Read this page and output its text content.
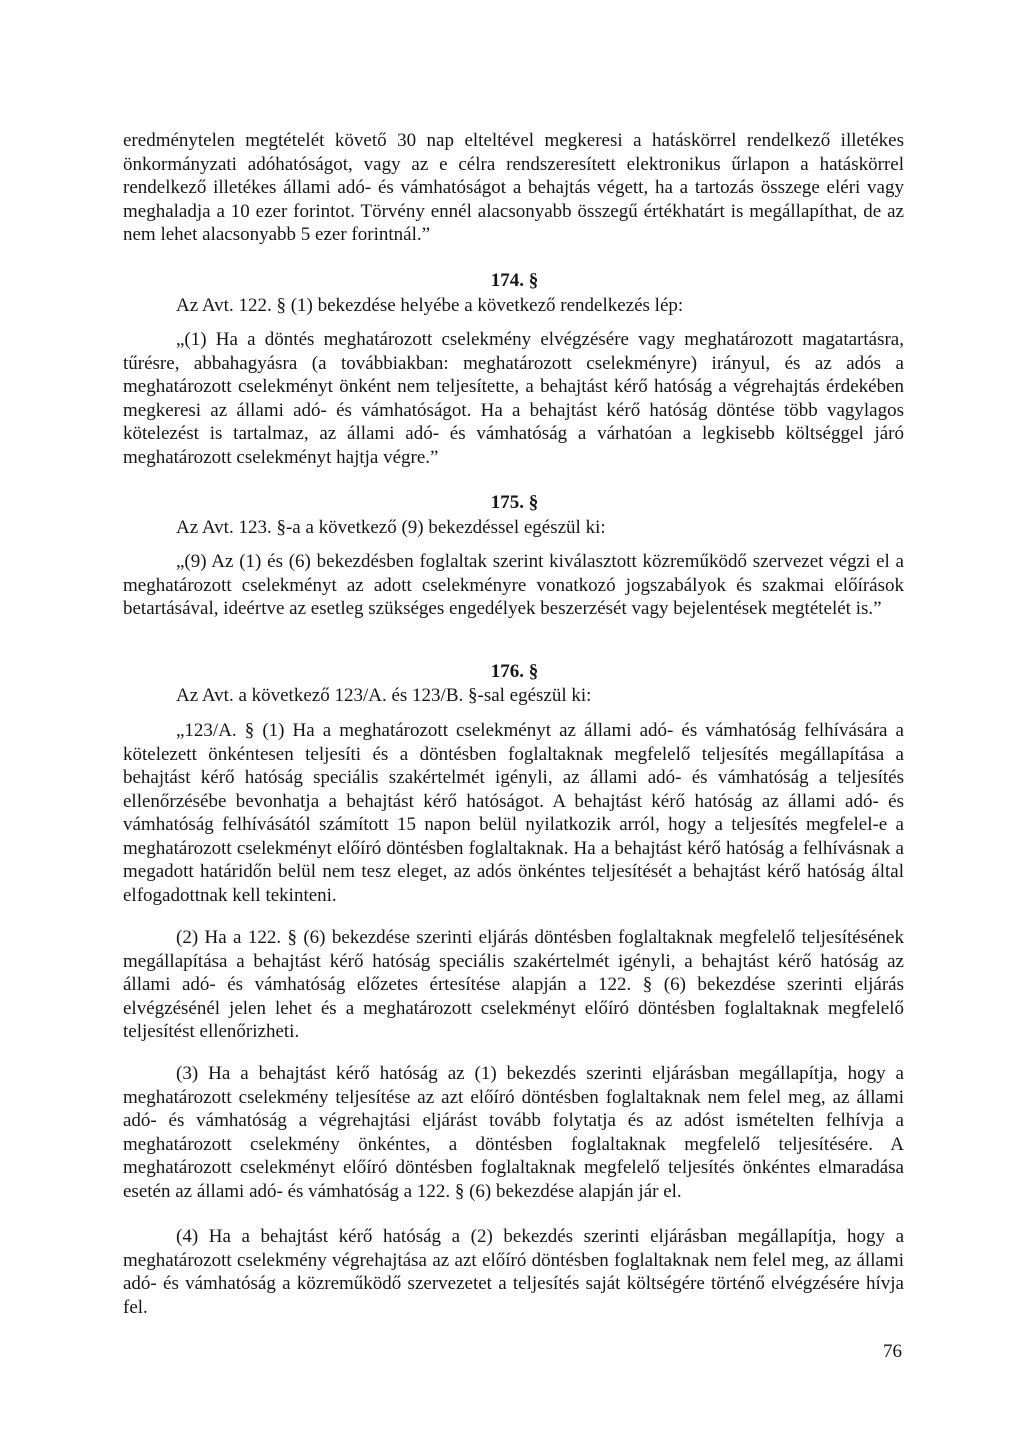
eredménytelen megtételét követő 30 nap elteltével megkeresi a hatáskörrel rendelkező illetékes önkormányzati adóhatóságot, vagy az e célra rendszeresített elektronikus űrlapon a hatáskörrel rendelkező illetékes állami adó- és vámhatóságot a behajtás végett, ha a tartozás összege eléri vagy meghaladja a 10 ezer forintot. Törvény ennél alacsonyabb összegű értékhatárt is megállapíthat, de az nem lehet alacsonyabb 5 ezer forintnál.”

174. §

Az Avt. 122. § (1) bekezdése helyébe a következő rendelkezés lép:

„(1) Ha a döntés meghatározott cselekmény elvégzésére vagy meghatározott magatartásra, tűrésre, abbahagyásra (a továbbiakban: meghatározott cselekményre) irányul, és az adós a meghatározott cselekményt önként nem teljesítette, a behajtást kérő hatóság a végrehajtás érdekében megkeresi az állami adó- és vámhatóságot. Ha a behajtást kérő hatóság döntése több vagylagos kötelezést is tartalmaz, az állami adó- és vámhatóság a várhatóan a legkisebb költséggel járó meghatározott cselekményt hajtja végre.”

175. §

Az Avt. 123. §-a a következő (9) bekezdéssel egészül ki:

„(9) Az (1) és (6) bekezdésben foglaltak szerint kiválasztott közreműködő szervezet végzi el a meghatározott cselekményt az adott cselekményre vonatkozó jogszabályok és szakmai előírások betartásával, ideértve az esetleg szükséges engedélyek beszerzését vagy bejelentések megtételét is.”

176. §

Az Avt. a következő 123/A. és 123/B. §-sal egészül ki:

„123/A. § (1) Ha a meghatározott cselekményt az állami adó- és vámhatóság felhívására a kötelezett önkéntesen teljesíti és a döntésben foglaltaknak megfelelő teljesítés megállapítása a behajtást kérő hatóság speciális szakértelmét igényli, az állami adó- és vámhatóság a teljesítés ellenőrzésébe bevonhatja a behajtást kérő hatóságot. A behajtást kérő hatóság az állami adó- és vámhatóság felhívásától számított 15 napon belül nyilatkozik arról, hogy a teljesítés megfelel-e a meghatározott cselekményt előíró döntésben foglaltaknak. Ha a behajtást kérő hatóság a felhívásnak a megadott határidőn belül nem tesz eleget, az adós önkéntes teljesítését a behajtást kérő hatóság által elfogadottnak kell tekinteni.

(2) Ha a 122. § (6) bekezdése szerinti eljárás döntésben foglaltaknak megfelelő teljesítésének megállapítása a behajtást kérő hatóság speciális szakértelmét igényli, a behajtást kérő hatóság az állami adó- és vámhatóság előzetes értesítése alapján a 122. § (6) bekezdése szerinti eljárás elvégzésénél jelen lehet és a meghatározott cselekményt előíró döntésben foglaltaknak megfelelő teljesítést ellenőrizheti.

(3) Ha a behajtást kérő hatóság az (1) bekezdés szerinti eljárásban megállapítja, hogy a meghatározott cselekmény teljesítése az azt előíró döntésben foglaltaknak nem felel meg, az állami adó- és vámhatóság a végrehajtási eljárást tovább folytatja és az adóst ismételten felhívja a meghatározott cselekmény önkéntes, a döntésben foglaltaknak megfelelő teljesítésére. A meghatározott cselekményt előíró döntésben foglaltaknak megfelelő teljesítés önkéntes elmaradása esetén az állami adó- és vámhatóság a 122. § (6) bekezdése alapján jár el.

(4) Ha a behajtást kérő hatóság a (2) bekezdés szerinti eljárásban megállapítja, hogy a meghatározott cselekmény végrehajtása az azt előíró döntésben foglaltaknak nem felel meg, az állami adó- és vámhatóság a közreműködő szervezetet a teljesítés saját költségére történő elvégzésére hívja fel.

76
